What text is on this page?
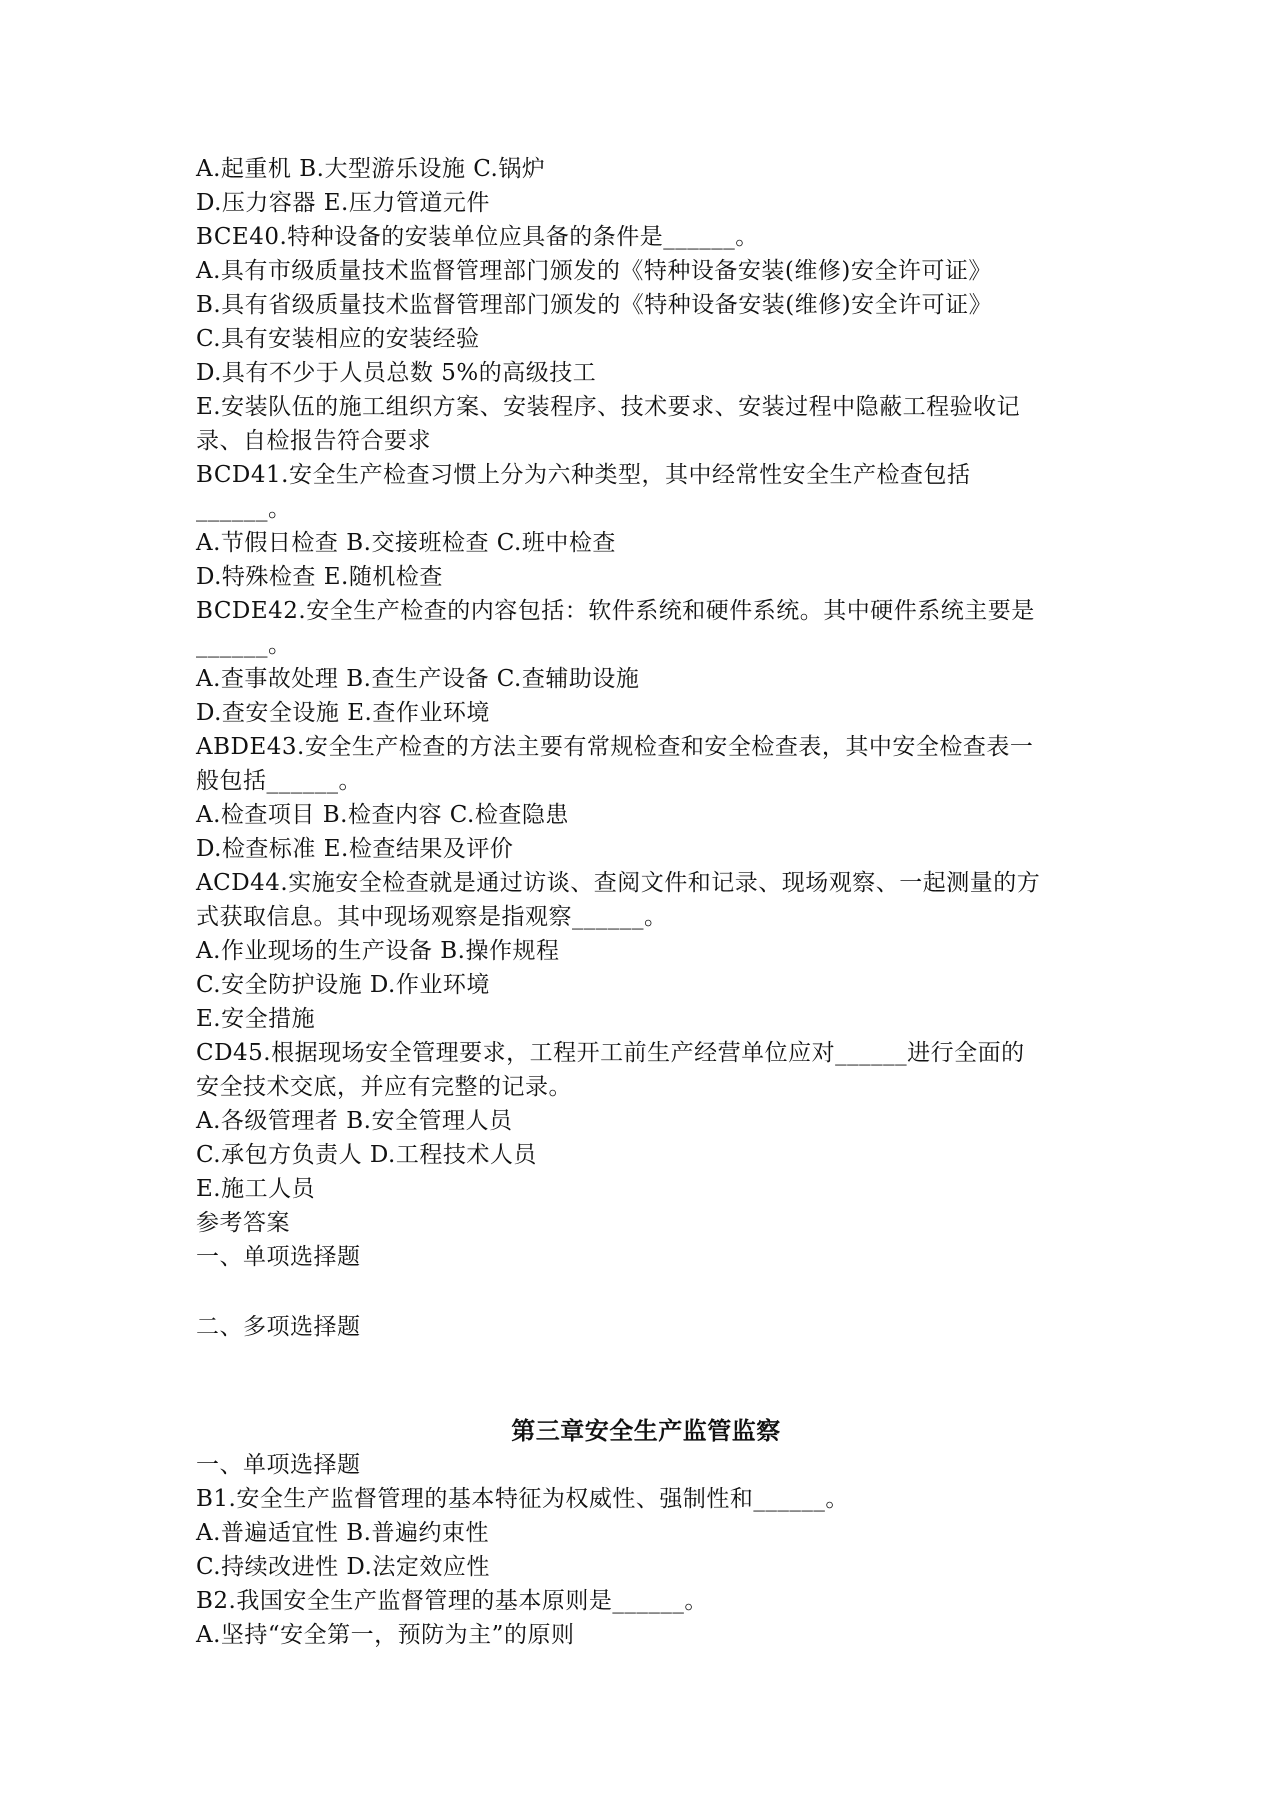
A.起重机 B.大型游乐设施 C.锅炉
D.压力容器 E.压力管道元件
BCE40.特种设备的安装单位应具备的条件是______。
A.具有市级质量技术监督管理部门颁发的《特种设备安装(维修)安全许可证》
B.具有省级质量技术监督管理部门颁发的《特种设备安装(维修)安全许可证》
C.具有安装相应的安装经验
D.具有不少于人员总数 5%的高级技工
E.安装队伍的施工组织方案、安装程序、技术要求、安装过程中隐蔽工程验收记
录、自检报告符合要求
BCD41.安全生产检查习惯上分为六种类型，其中经常性安全生产检查包括
______。
A.节假日检查 B.交接班检查 C.班中检查
D.特殊检查 E.随机检查
BCDE42.安全生产检查的内容包括：软件系统和硬件系统。其中硬件系统主要是
______。
A.查事故处理 B.查生产设备 C.查辅助设施
D.查安全设施 E.查作业环境
ABDE43.安全生产检查的方法主要有常规检查和安全检查表，其中安全检查表一
般包括______。
A.检查项目 B.检查内容 C.检查隐患
D.检查标准 E.检查结果及评价
ACD44.实施安全检查就是通过访谈、查阅文件和记录、现场观察、一起测量的方
式获取信息。其中现场观察是指观察______。
A.作业现场的生产设备 B.操作规程
C.安全防护设施 D.作业环境
E.安全措施
CD45.根据现场安全管理要求，工程开工前生产经营单位应对______进行全面的
安全技术交底，并应有完整的记录。
A.各级管理者 B.安全管理人员
C.承包方负责人 D.工程技术人员
E.施工人员
参考答案
一、单项选择题
二、多项选择题
第三章安全生产监管监察
一、单项选择题
B1.安全生产监督管理的基本特征为权威性、强制性和______。
A.普遍适宜性 B.普遍约束性
C.持续改进性 D.法定效应性
B2.我国安全生产监督管理的基本原则是______。
A.坚持“安全第一，预防为主”的原则
